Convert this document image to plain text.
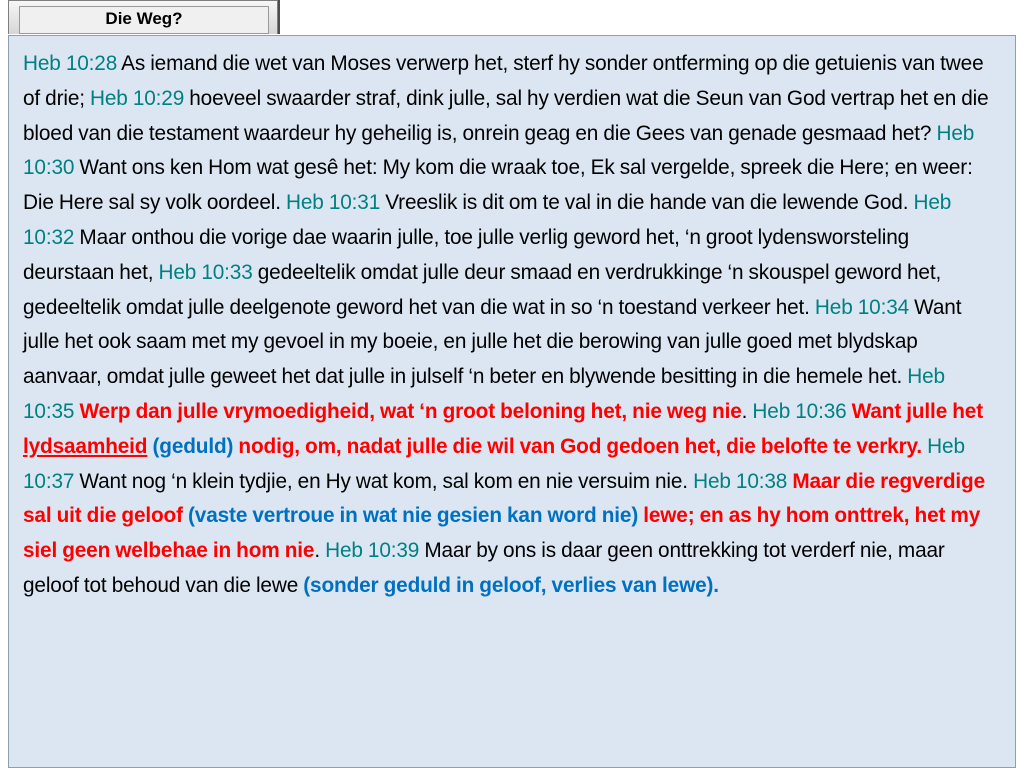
Die Weg?

Heb 10:28 As iemand die wet van Moses verwerp het, sterf hy sonder ontferming op die getuienis van twee of drie; Heb 10:29 hoeveel swaarder straf, dink julle, sal hy verdien wat die Seun van God vertrap het en die bloed van die testament waardeur hy geheilig is, onrein geag en die Gees van genade gesmaad het? Heb 10:30 Want ons ken Hom wat gesê het: My kom die wraak toe, Ek sal vergelde, spreek die Here; en weer: Die Here sal sy volk oordeel. Heb 10:31 Vreeslik is dit om te val in die hande van die lewende God. Heb 10:32 Maar onthou die vorige dae waarin julle, toe julle verlig geword het, ‘n groot lydensworsteling deurstaan het, Heb 10:33 gedeeltelik omdat julle deur smaad en verdrukkinge ‘n skouspel geword het, gedeeltelik omdat julle deelgenote geword het van die wat in so ‘n toestand verkeer het. Heb 10:34 Want julle het ook saam met my gevoel in my boeie, en julle het die berowing van julle goed met blydskap aanvaar, omdat julle geweet het dat julle in julself ‘n beter en blywende besitting in die hemele het. Heb 10:35 Werp dan julle vrymoedigheid, wat ‘n groot beloning het, nie weg nie. Heb 10:36 Want julle het lydsaamheid (geduld) nodig, om, nadat julle die wil van God gedoen het, die belofte te verkry. Heb 10:37 Want nog ‘n klein tydjie, en Hy wat kom, sal kom en nie versuim nie. Heb 10:38 Maar die regverdige sal uit die geloof (vaste vertroue in wat nie gesien kan word nie) lewe; en as hy hom onttrek, het my siel geen welbehae in hom nie. Heb 10:39 Maar by ons is daar geen onttrekking tot verderf nie, maar geloof tot behoud van die lewe (sonder geduld in geloof, verlies van lewe).
